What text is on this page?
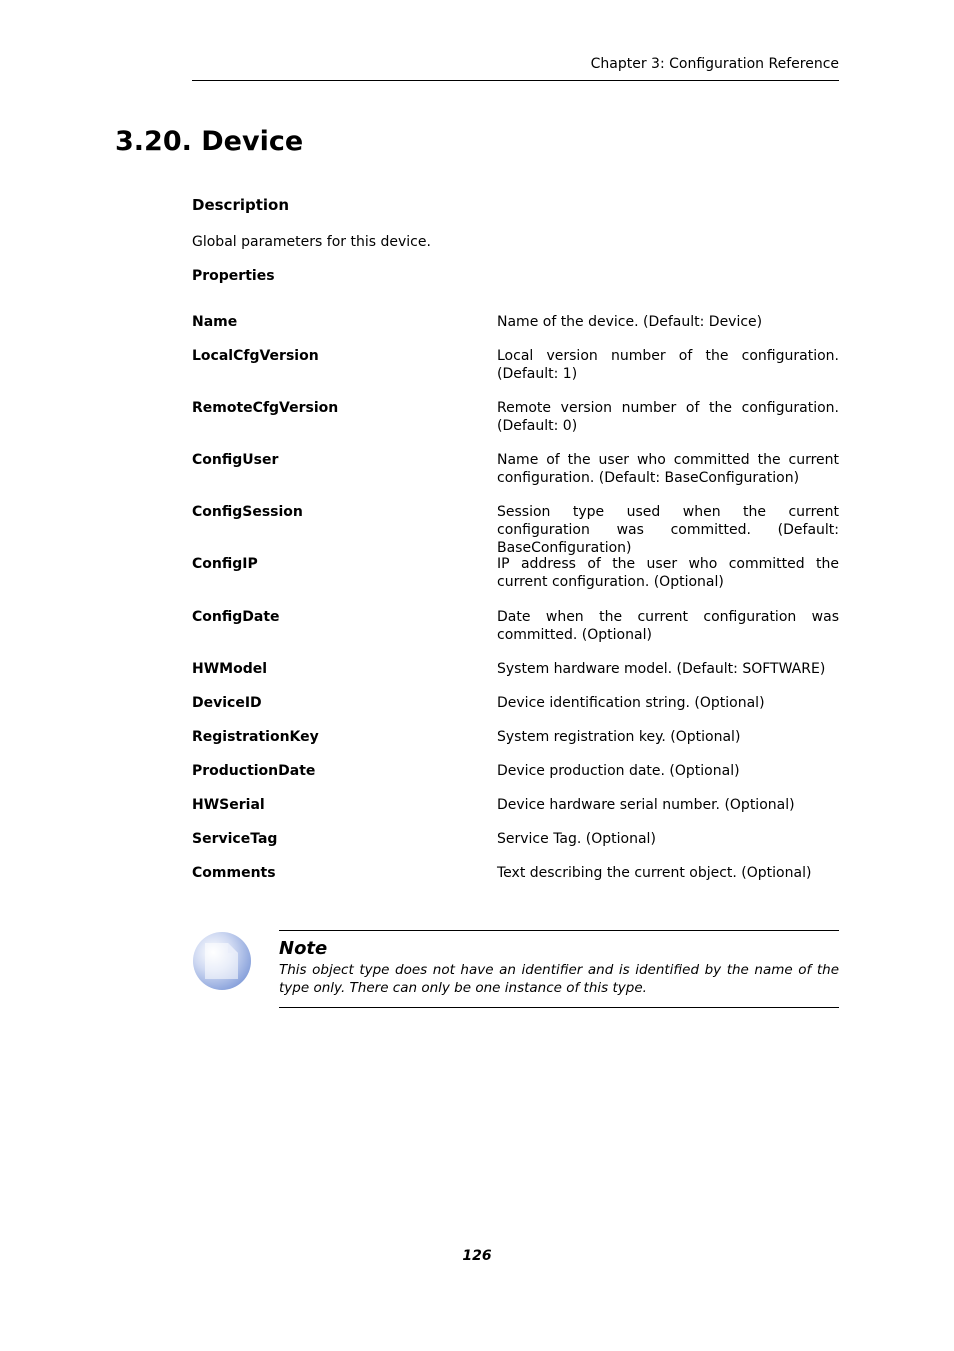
Chapter 3: Configuration Reference
3.20. Device
Description
Global parameters for this device.
Properties
Name	Name of the device. (Default: Device)
LocalCfgVersion	Local version number of the configuration. (Default: 1)
RemoteCfgVersion	Remote version number of the configuration. (Default: 0)
ConfigUser	Name of the user who committed the current configuration. (Default: BaseConfiguration)
ConfigSession	Session type used when the current configuration was committed. (Default: BaseConfiguration)
ConfigIP	IP address of the user who committed the current configuration. (Optional)
ConfigDate	Date when the current configuration was committed. (Optional)
HWModel	System hardware model. (Default: SOFTWARE)
DeviceID	Device identification string. (Optional)
RegistrationKey	System registration key. (Optional)
ProductionDate	Device production date. (Optional)
HWSerial	Device hardware serial number. (Optional)
ServiceTag	Service Tag. (Optional)
Comments	Text describing the current object. (Optional)
Note
This object type does not have an identifier and is identified by the name of the type only. There can only be one instance of this type.
126
